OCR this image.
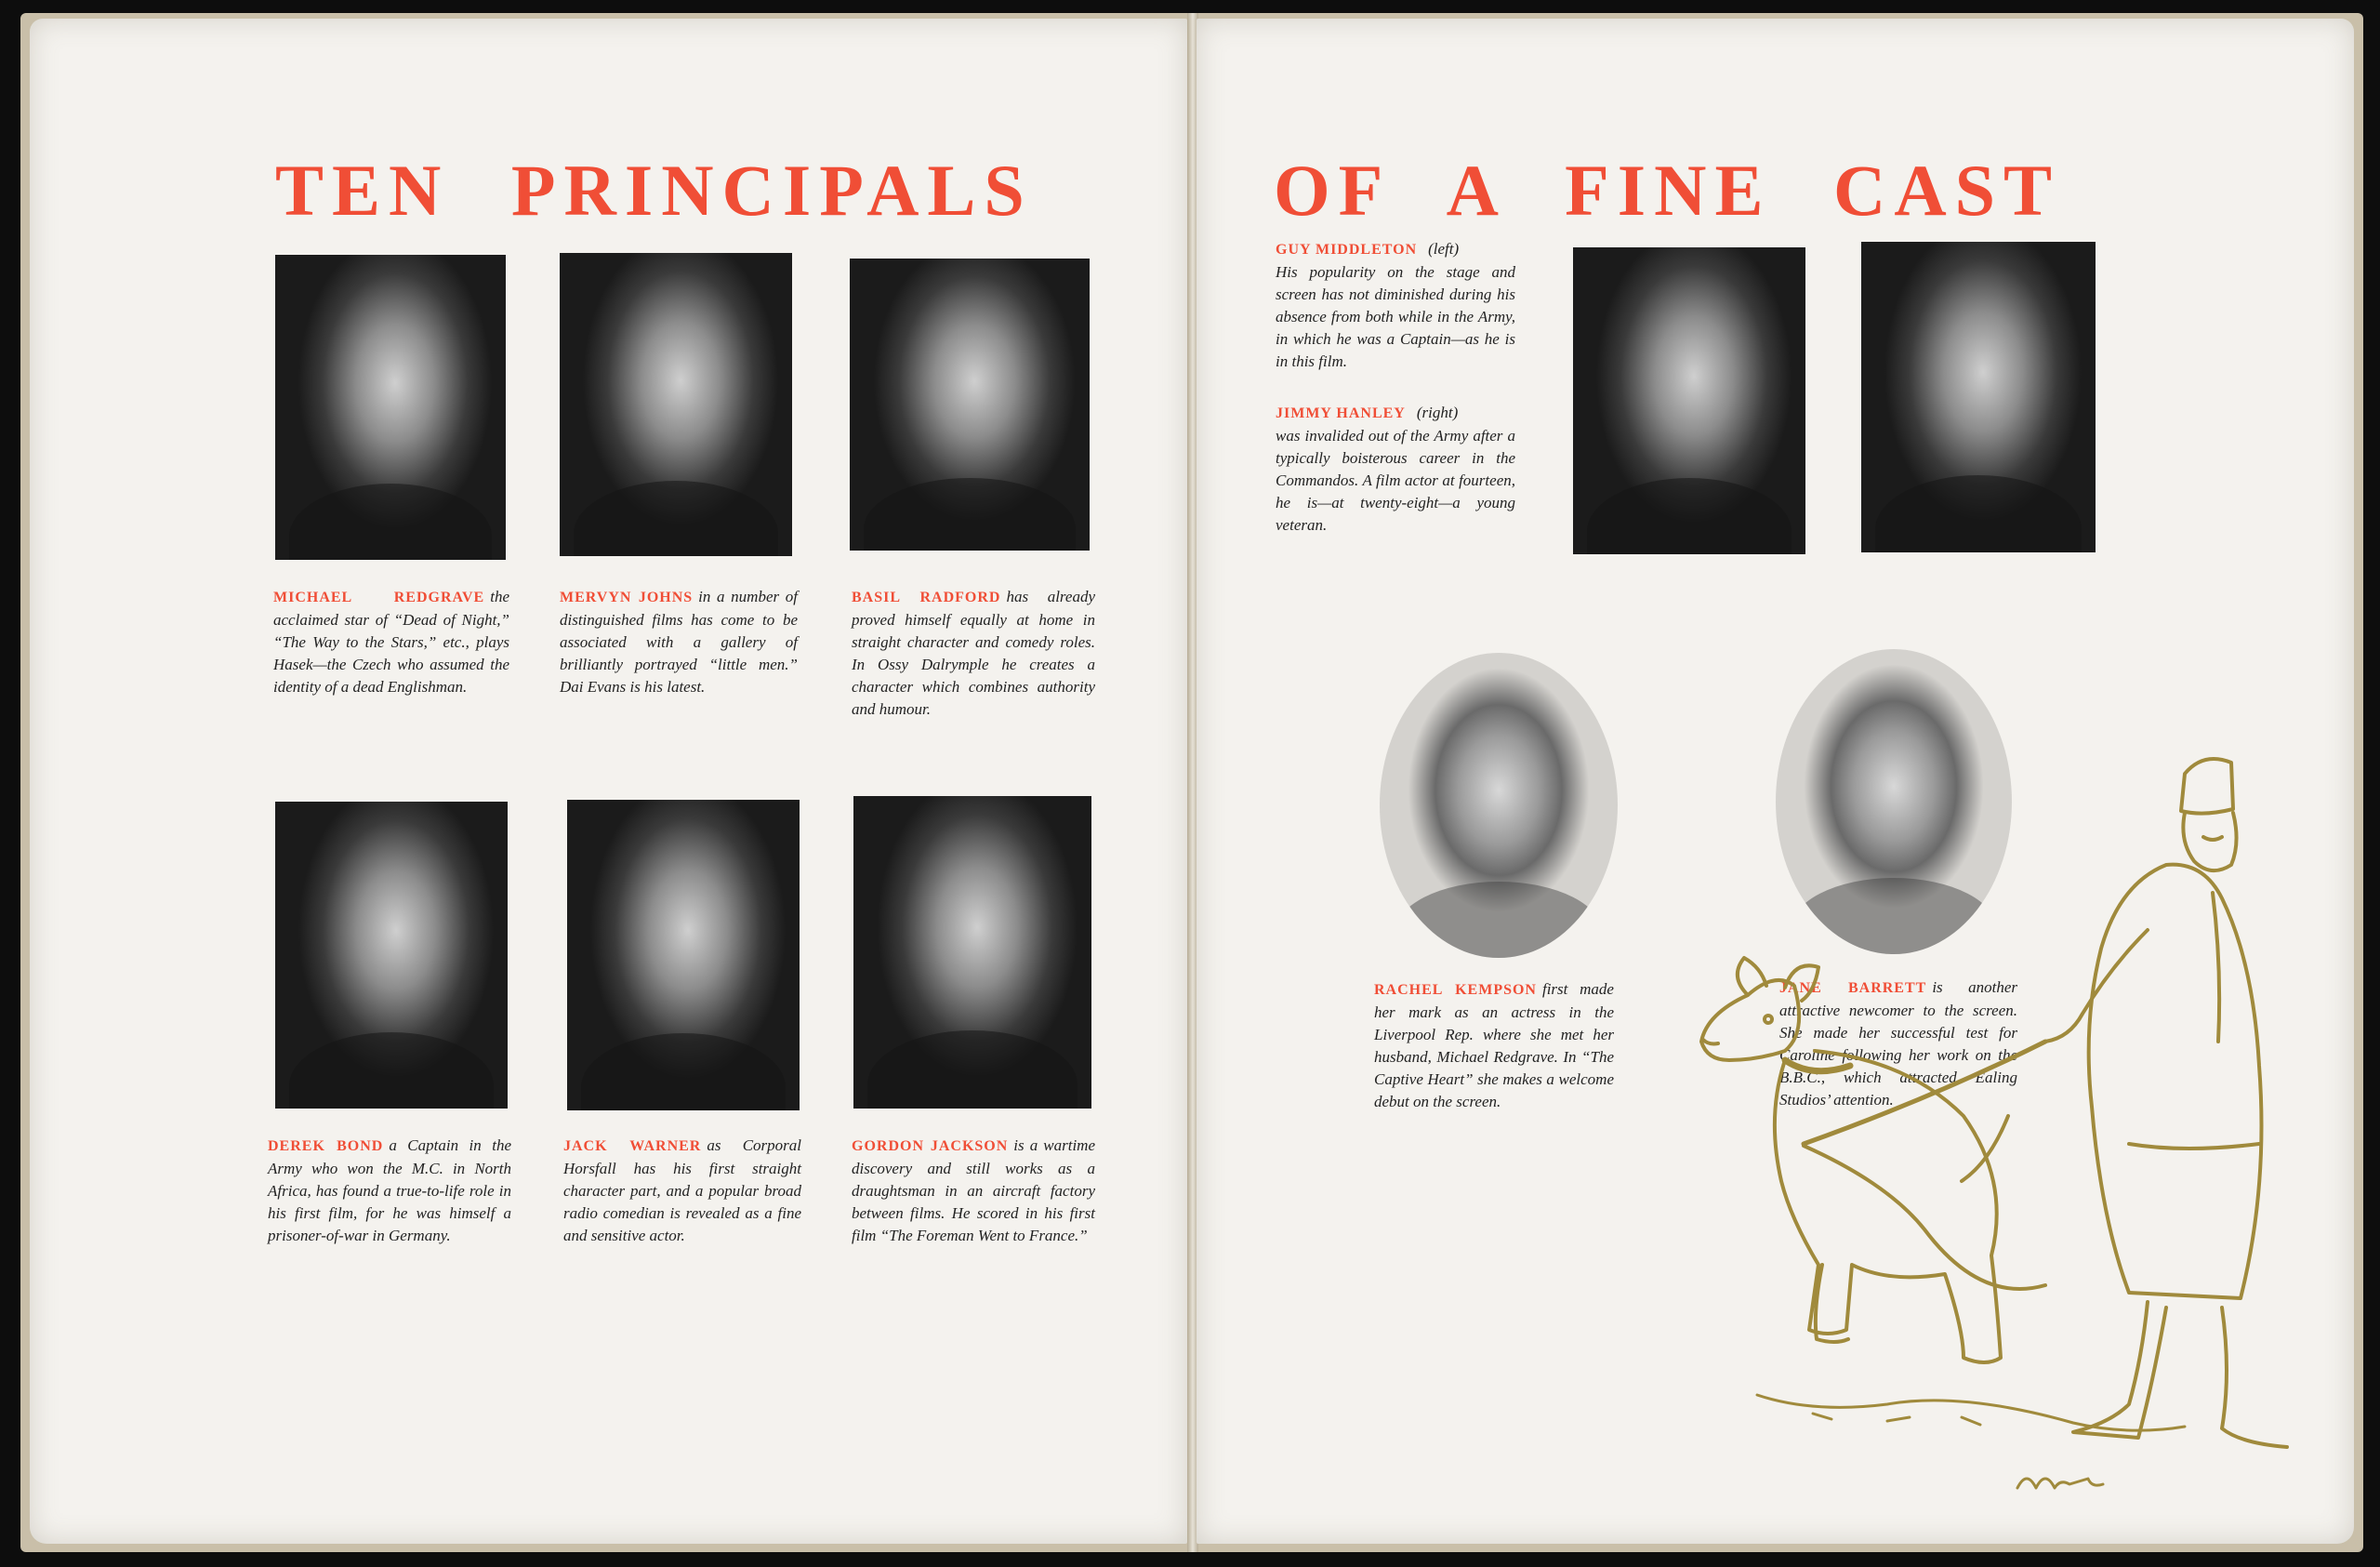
TEN PRINCIPALS	OF A FINE CAST

MICHAEL REDGRAVE the acclaimed star of “Dead of Night,” “The Way to the Stars,” etc., plays Hasek—the Czech who assumed the identity of a dead Englishman.

MERVYN JOHNS in a number of distinguished films has come to be associated with a gallery of brilliantly portrayed “little men.” Dai Evans is his latest.

BASIL RADFORD has already proved himself equally at home in straight character and comedy roles. In Ossy Dalrymple he creates a character which combines authority and humour.

DEREK BOND a Captain in the Army who won the M.C. in North Africa, has found a true-to-life role in his first film, for he was himself a prisoner-of-war in Germany.

JACK WARNER as Corporal Horsfall has his first straight character part, and a popular broad radio comedian is revealed as a fine and sensitive actor.

GORDON JACKSON is a wartime discovery and still works as a draughtsman in an aircraft factory between films. He scored in his first film “The Foreman Went to France.”

GUY MIDDLETON (left)
His popularity on the stage and screen has not diminished during his absence from both while in the Army, in which he was a Captain—as he is in this film.

JIMMY HANLEY (right)
was invalided out of the Army after a typically boisterous career in the Commandos. A film actor at fourteen, he is—at twenty-eight—a young veteran.

RACHEL KEMPSON first made her mark as an actress in the Liverpool Rep. where she met her husband, Michael Redgrave. In “The Captive Heart” she makes a welcome debut on the screen.

JANE BARRETT is another attractive newcomer to the screen. She made her successful test for Caroline following her work on the B.B.C., which attracted Ealing Studios’ attention.
